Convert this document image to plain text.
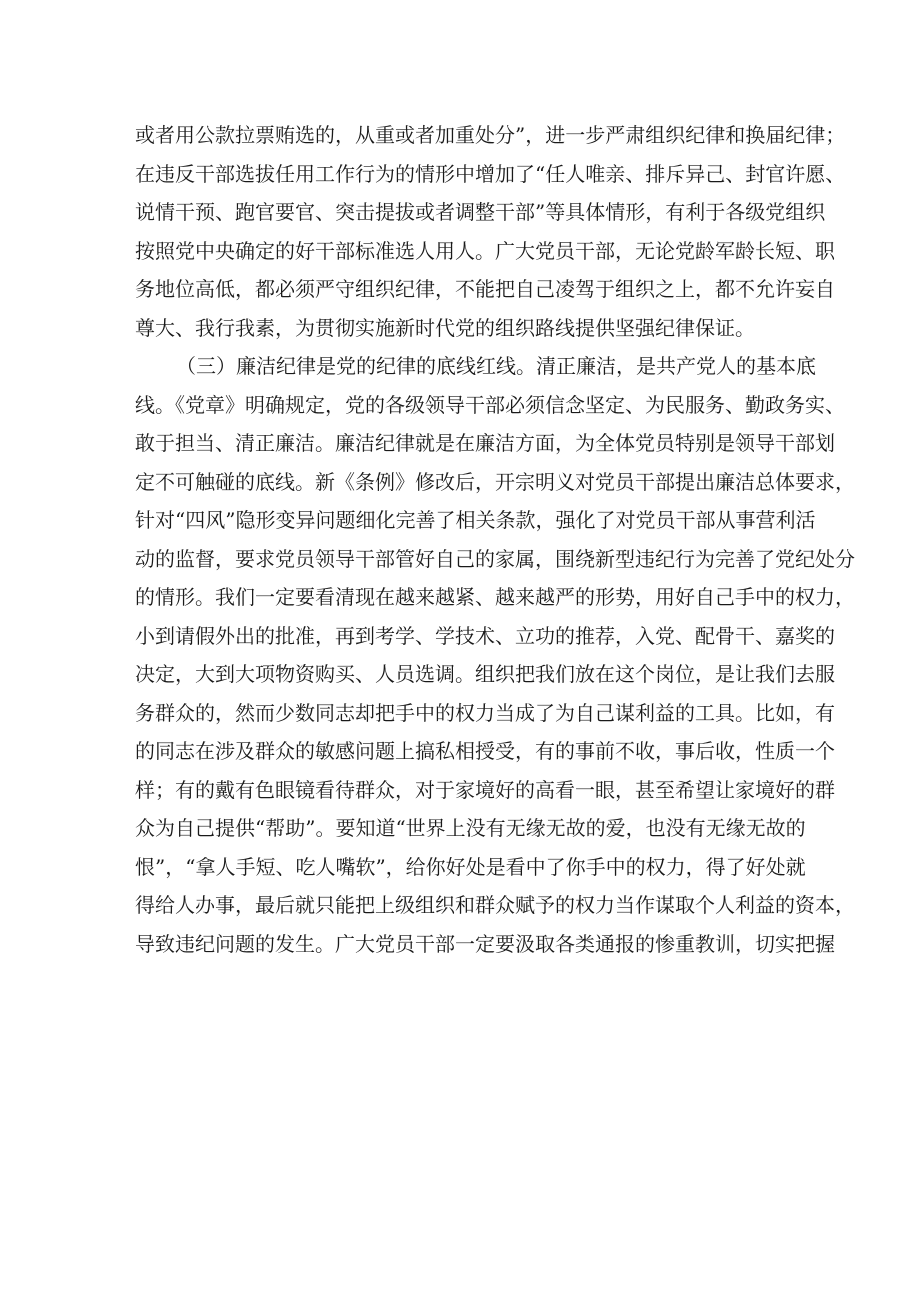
或者用公款拉票贿选的，从重或者加重处分”，进一步严肃组织纪律和换届纪律；
在违反干部选拔任用工作行为的情形中增加了“任人唯亲、排斥异己、封官许愿、
说情干预、跑官要官、突击提拔或者调整干部”等具体情形，有利于各级党组织
按照党中央确定的好干部标准选人用人。广大党员干部，无论党龄军龄长短、职
务地位高低，都必须严守组织纪律，不能把自己凌驾于组织之上，都不允许妄自
尊大、我行我素，为贯彻实施新时代党的组织路线提供坚强纪律保证。
（三）廉洁纪律是党的纪律的底线红线。清正廉洁，是共产党人的基本底
线。《党章》明确规定，党的各级领导干部必须信念坚定、为民服务、勤政务实、
敢于担当、清正廉洁。廉洁纪律就是在廉洁方面，为全体党员特别是领导干部划
定不可触碰的底线。新《条例》修改后，开宗明义对党员干部提出廉洁总体要求，
针对“四风”隐形变异问题细化完善了相关条款，强化了对党员干部从事营利活
动的监督，要求党员领导干部管好自己的家属，围绕新型违纪行为完善了党纪处分
的情形。我们一定要看清现在越来越紧、越来越严的形势，用好自己手中的权力，
小到请假外出的批准，再到考学、学技术、立功的推荐，入党、配骨干、嘉奖的
决定，大到大项物资购买、人员选调。组织把我们放在这个岗位，是让我们去服
务群众的，然而少数同志却把手中的权力当成了为自己谋利益的工具。比如，有
的同志在涉及群众的敏感问题上搞私相授受，有的事前不收，事后收，性质一个
样；有的戴有色眼镜看待群众，对于家境好的高看一眼，甚至希望让家境好的群
众为自己提供“帮助”。要知道“世界上没有无缘无故的爱，也没有无缘无故的
恨”，“拿人手短、吃人嘴软”，给你好处是看中了你手中的权力，得了好处就
得给人办事，最后就只能把上级组织和群众赋予的权力当作谋取个人利益的资本，
导致违纪问题的发生。广大党员干部一定要汲取各类通报的惨重教训，切实把握
